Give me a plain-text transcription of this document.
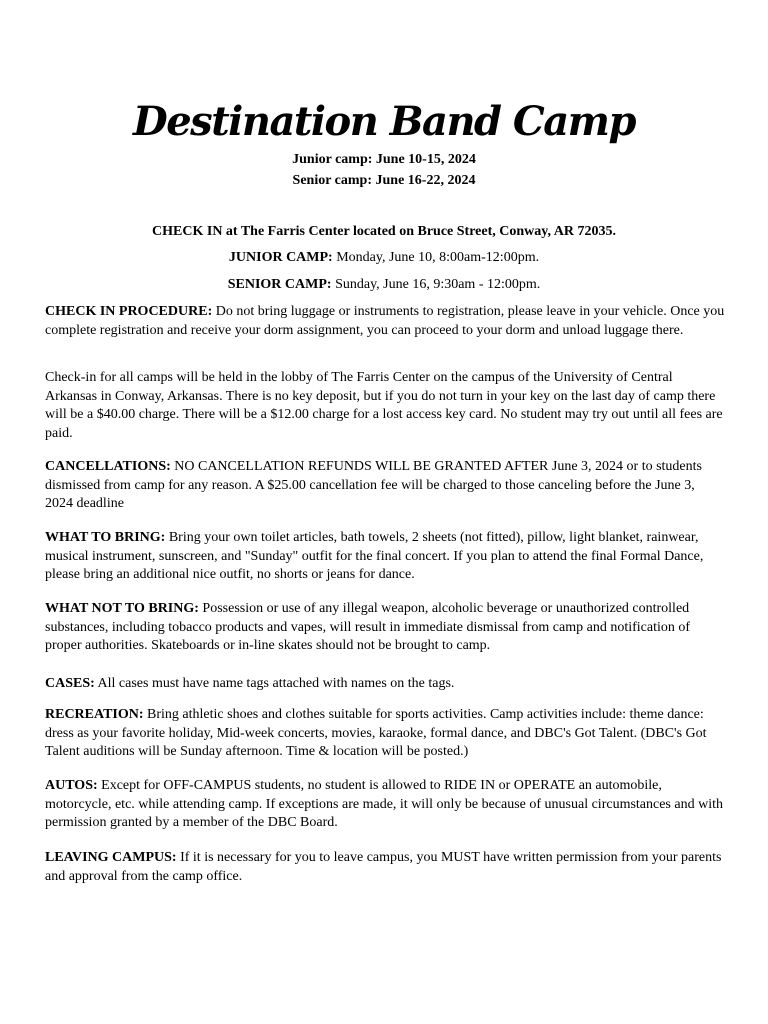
Destination Band Camp
Junior camp: June 10-15, 2024
Senior camp: June 16-22, 2024
CHECK IN at The Farris Center located on Bruce Street, Conway, AR 72035.
JUNIOR CAMP: Monday, June 10, 8:00am-12:00pm.
SENIOR CAMP: Sunday, June 16, 9:30am - 12:00pm.
CHECK IN PROCEDURE: Do not bring luggage or instruments to registration, please leave in your vehicle. Once you complete registration and receive your dorm assignment, you can proceed to your dorm and unload luggage there.
Check-in for all camps will be held in the lobby of The Farris Center on the campus of the University of Central Arkansas in Conway, Arkansas. There is no key deposit, but if you do not turn in your key on the last day of camp there will be a $40.00 charge. There will be a $12.00 charge for a lost access key card. No student may try out until all fees are paid.
CANCELLATIONS: NO CANCELLATION REFUNDS WILL BE GRANTED AFTER June 3, 2024 or to students dismissed from camp for any reason. A $25.00 cancellation fee will be charged to those canceling before the June 3, 2024 deadline
WHAT TO BRING: Bring your own toilet articles, bath towels, 2 sheets (not fitted), pillow, light blanket, rainwear, musical instrument, sunscreen, and "Sunday" outfit for the final concert. If you plan to attend the final Formal Dance, please bring an additional nice outfit, no shorts or jeans for dance.
WHAT NOT TO BRING: Possession or use of any illegal weapon, alcoholic beverage or unauthorized controlled substances, including tobacco products and vapes, will result in immediate dismissal from camp and notification of proper authorities. Skateboards or in-line skates should not be brought to camp.
CASES: All cases must have name tags attached with names on the tags.
RECREATION: Bring athletic shoes and clothes suitable for sports activities. Camp activities include: theme dance: dress as your favorite holiday, Mid-week concerts, movies, karaoke, formal dance, and DBC's Got Talent. (DBC's Got Talent auditions will be Sunday afternoon. Time & location will be posted.)
AUTOS: Except for OFF-CAMPUS students, no student is allowed to RIDE IN or OPERATE an automobile, motorcycle, etc. while attending camp. If exceptions are made, it will only be because of unusual circumstances and with permission granted by a member of the DBC Board.
LEAVING CAMPUS: If it is necessary for you to leave campus, you MUST have written permission from your parents and approval from the camp office.
